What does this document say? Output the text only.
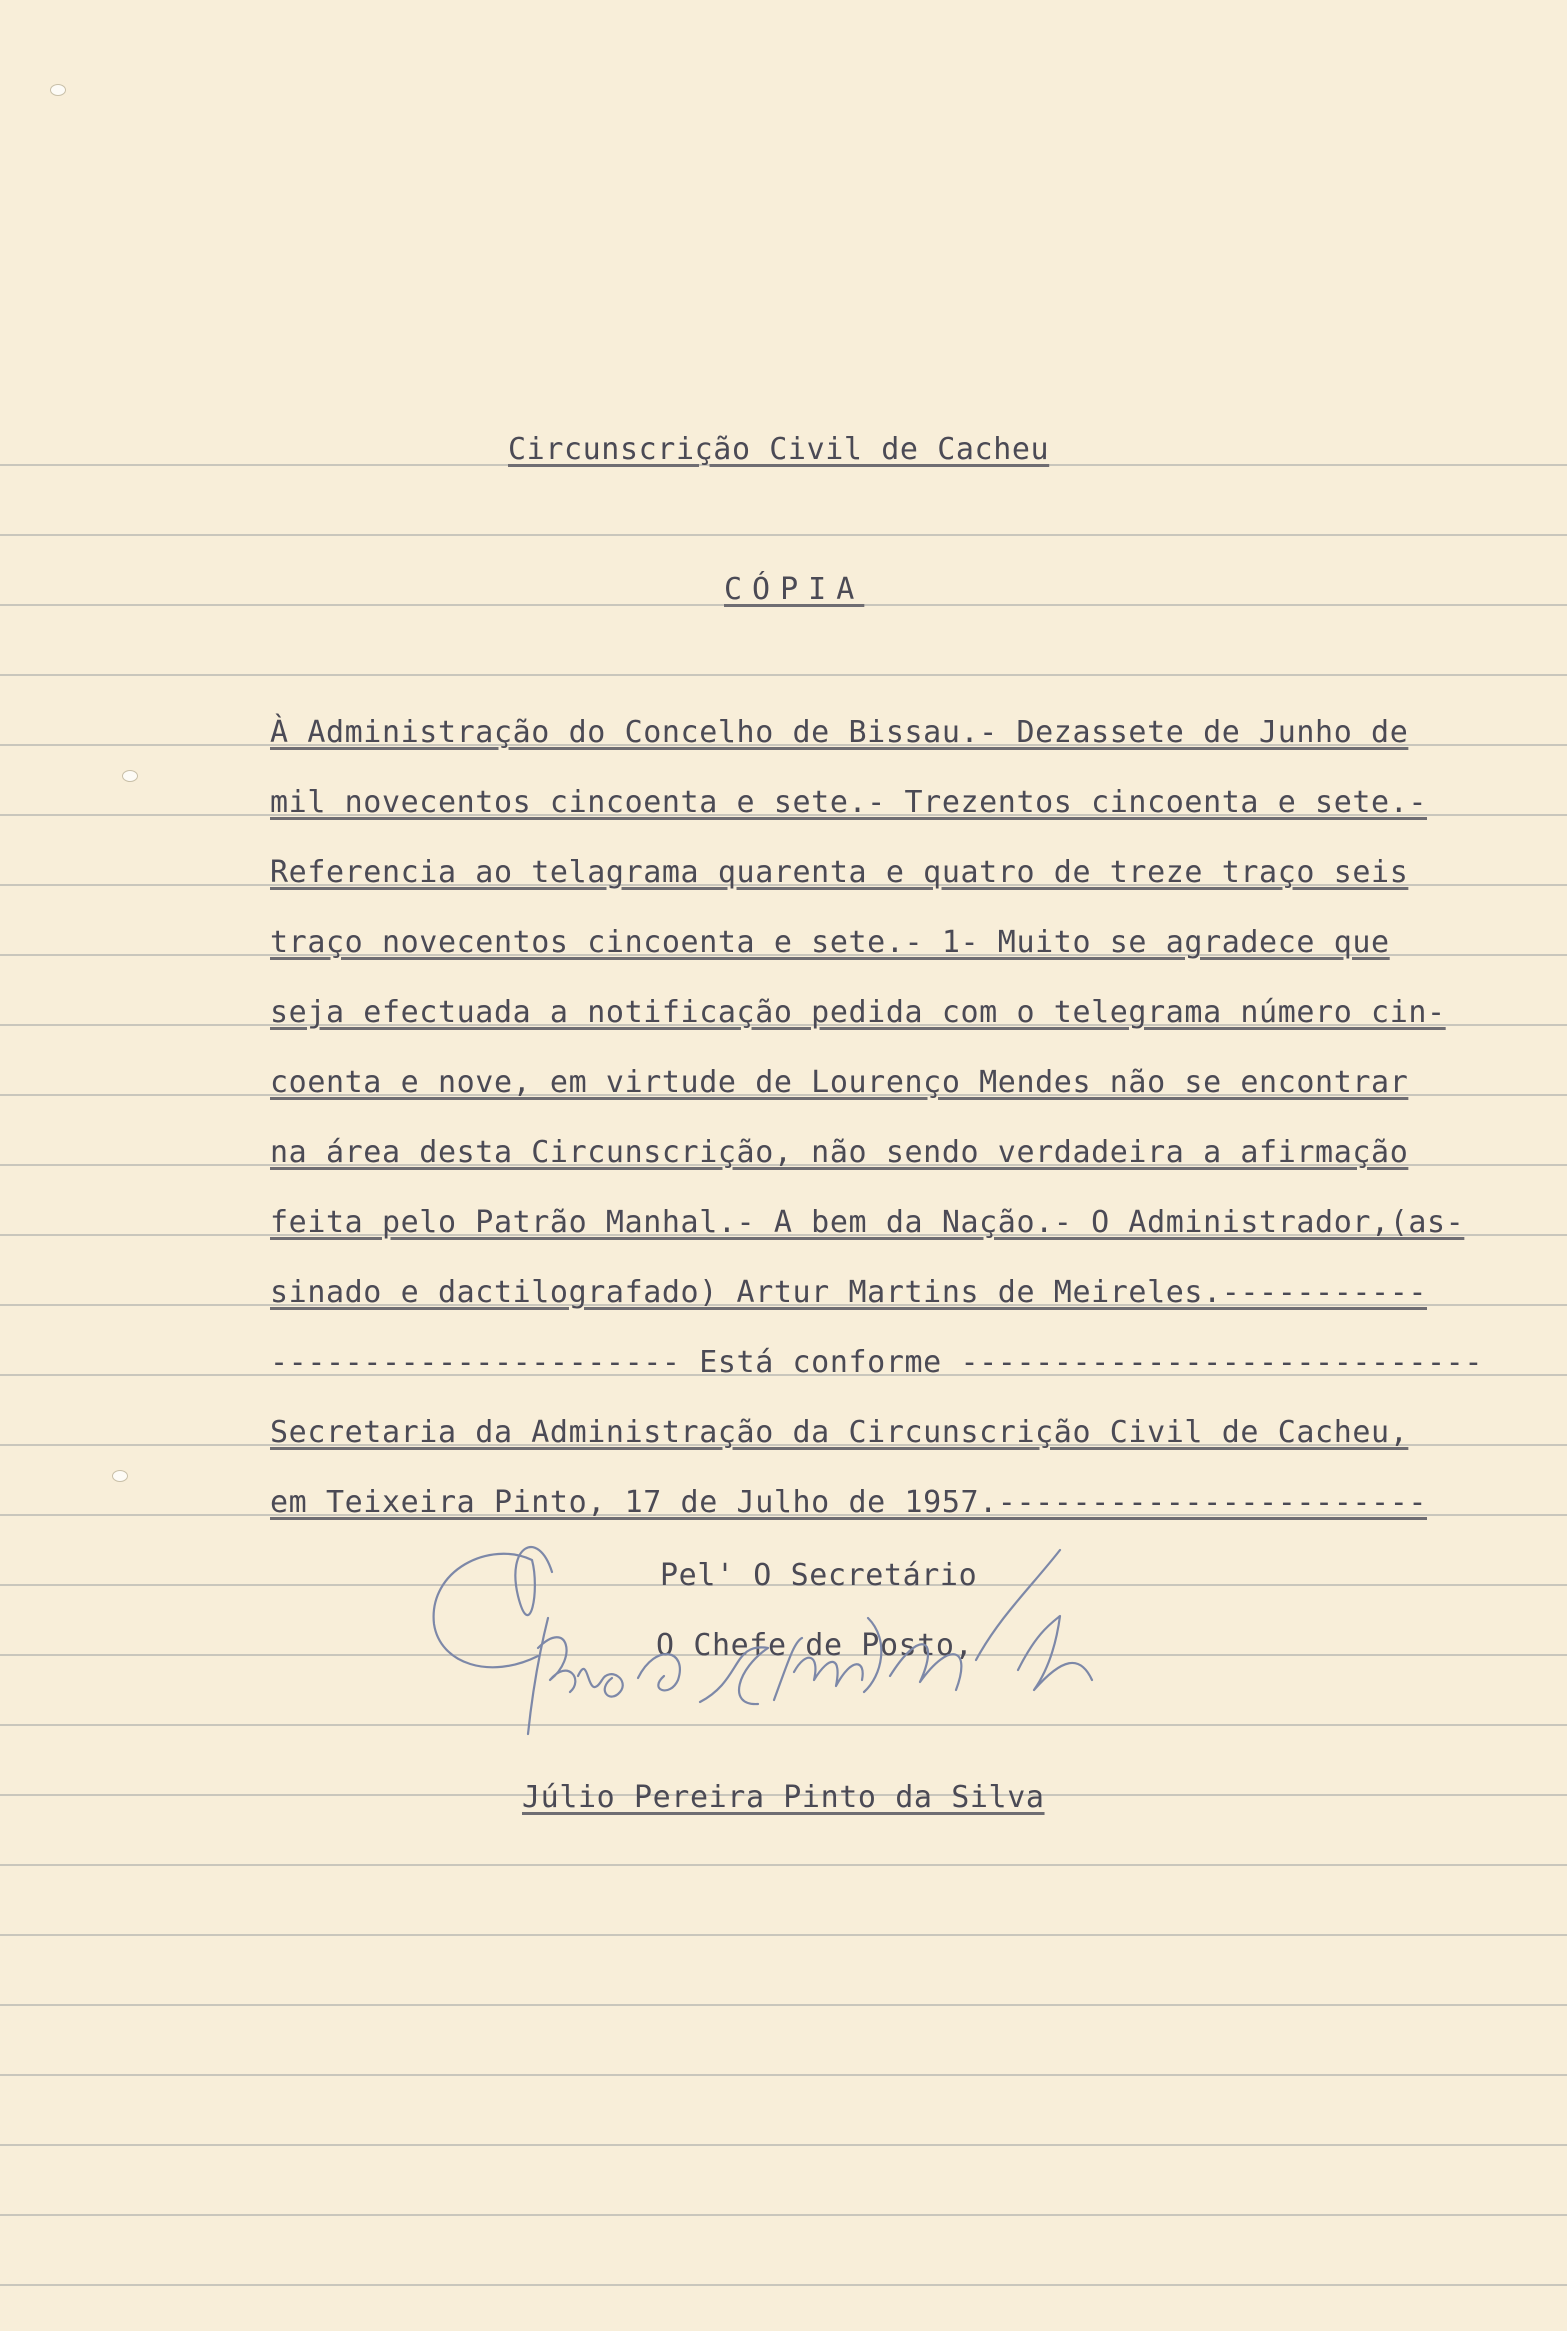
Circunscrição Civil de Cacheu

CÓPIA

À Administração do Concelho de Bissau.- Dezassete de Junho de

mil novecentos cincoenta e sete.- Trezentos cincoenta e sete.-

Referencia ao telagrama quarenta e quatro de treze traço seis

traço novecentos cincoenta e sete.- 1- Muito se agradece que

seja efectuada a notificação pedida com o telegrama número cin-

coenta e nove, em virtude de Lourenço Mendes não se encontrar

na área desta Circunscrição, não sendo verdadeira a afirmação

feita pelo Patrão Manhal.- A bem da Nação.- O Administrador,(as-

sinado e dactilografado) Artur Martins de Meireles.-----------

---------------------- Está conforme ----------------------------

Secretaria da Administração da Circunscrição Civil de Cacheu,

em Teixeira Pinto, 17 de Julho de 1957.-----------------------

Pel' O Secretário

O Chefe de Posto,

Júlio Pereira Pinto da Silva
